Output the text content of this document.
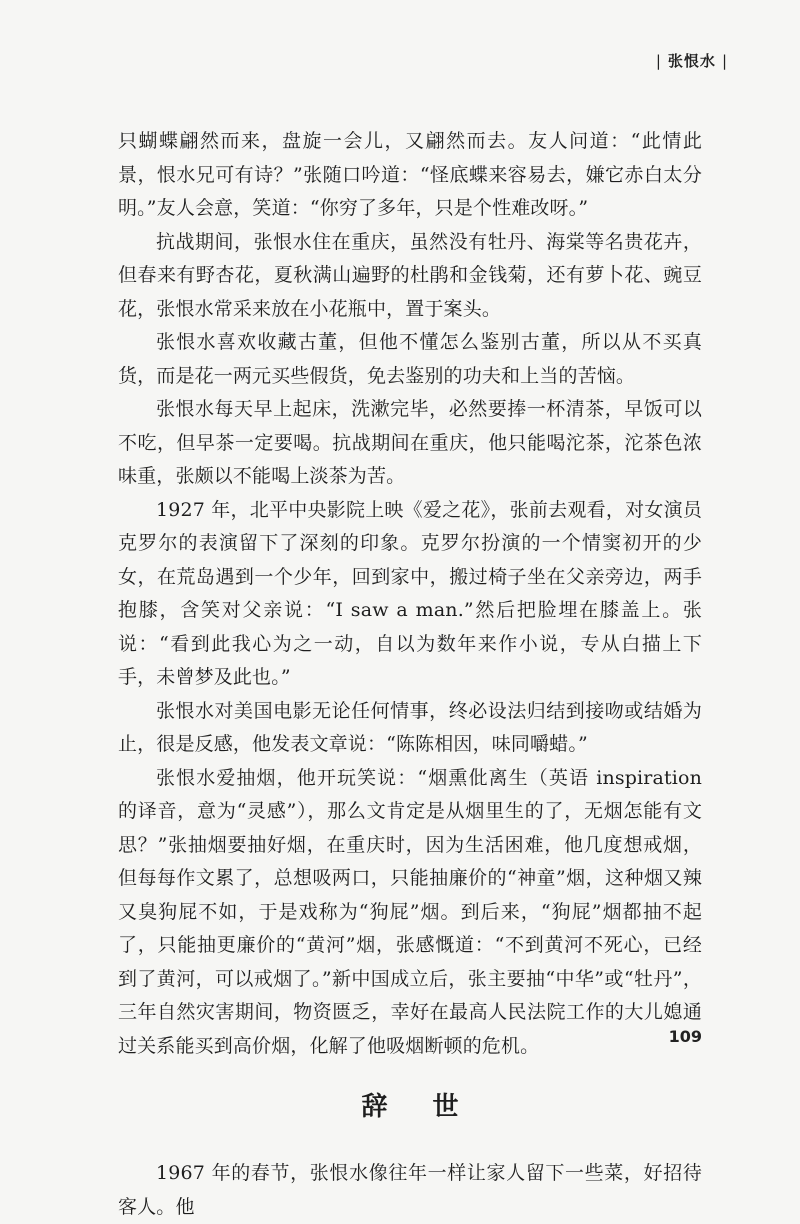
| 张恨水 |

只蝴蝶翩然而来，盘旋一会儿，又翩然而去。友人问道：“此情此景，恨水兄可有诗？”张随口吟道：“怪底蝶来容易去，嫌它赤白太分明。”友人会意，笑道：“你穷了多年，只是个性难改呀。”

抗战期间，张恨水住在重庆，虽然没有牡丹、海棠等名贵花卉，但春来有野杏花，夏秋满山遍野的杜鹃和金钱菊，还有萝卜花、豌豆花，张恨水常采来放在小花瓶中，置于案头。

张恨水喜欢收藏古董，但他不懂怎么鉴别古董，所以从不买真货，而是花一两元买些假货，免去鉴别的功夫和上当的苦恼。

张恨水每天早上起床，洗漱完毕，必然要捧一杯清茶，早饭可以不吃，但早茶一定要喝。抗战期间在重庆，他只能喝沱茶，沱茶色浓味重，张颇以不能喝上淡茶为苦。

1927 年，北平中央影院上映《爱之花》，张前去观看，对女演员克罗尔的表演留下了深刻的印象。克罗尔扮演的一个情窦初开的少女，在荒岛遇到一个少年，回到家中，搬过椅子坐在父亲旁边，两手抱膝，含笑对父亲说：“I saw a man.”然后把脸埋在膝盖上。张说：“看到此我心为之一动，自以为数年来作小说，专从白描上下手，未曾梦及此也。”

张恨水对美国电影无论任何情事，终必设法归结到接吻或结婚为止，很是反感，他发表文章说：“陈陈相因，味同嚼蜡。”

张恨水爱抽烟，他开玩笑说：“烟熏仳离生（英语 inspiration 的译音，意为“灵感”），那么文肯定是从烟里生的了，无烟怎能有文思？”张抽烟要抽好烟，在重庆时，因为生活困难，他几度想戒烟，但每每作文累了，总想吸两口，只能抽廉价的“神童”烟，这种烟又辣又臭狗屁不如，于是戏称为“狗屁”烟。到后来，“狗屁”烟都抽不起了，只能抽更廉价的“黄河”烟，张感慨道：“不到黄河不死心，已经到了黄河，可以戒烟了。”新中国成立后，张主要抽“中华”或“牡丹”，三年自然灾害期间，物资匮乏，幸好在最高人民法院工作的大儿媳通过关系能买到高价烟，化解了他吸烟断顿的危机。

辞 世

1967 年的春节，张恨水像往年一样让家人留下一些菜，好招待客人。他

109
